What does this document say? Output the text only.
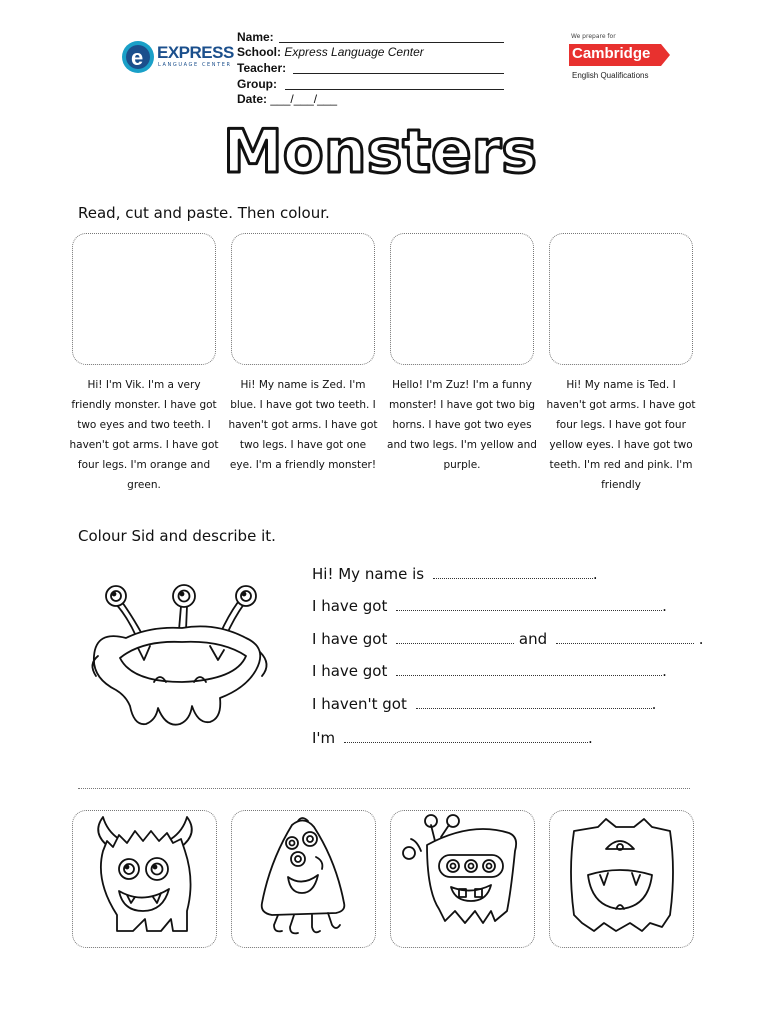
e EXPRESS
LANGUAGE CENTER
Name:
School: Express Language Center
Teacher:
Group:
Date: ___/___/___
We prepare for
Cambridge
English Qualifications
Monsters
Read, cut and paste. Then colour.
Hi! I'm Vik. I'm a very friendly monster. I have got two eyes and two teeth. I haven't got arms. I have got four legs. I'm orange and green.
Hi! My name is Zed. I'm blue. I have got two teeth. I haven't got arms. I have got two legs. I have got one eye. I'm a friendly monster!
Hello! I'm Zuz! I'm a funny monster! I have got two big horns. I have got two eyes and two legs. I'm yellow and purple.
Hi! My name is Ted. I haven't got arms. I have got four legs. I have got four yellow eyes. I have got two teeth. I'm red and pink. I'm friendly
Colour Sid and describe it.
Hi! My name is	.
I have got	.
I have got	and	.
I have got	.
I haven't got	.
I'm	.
